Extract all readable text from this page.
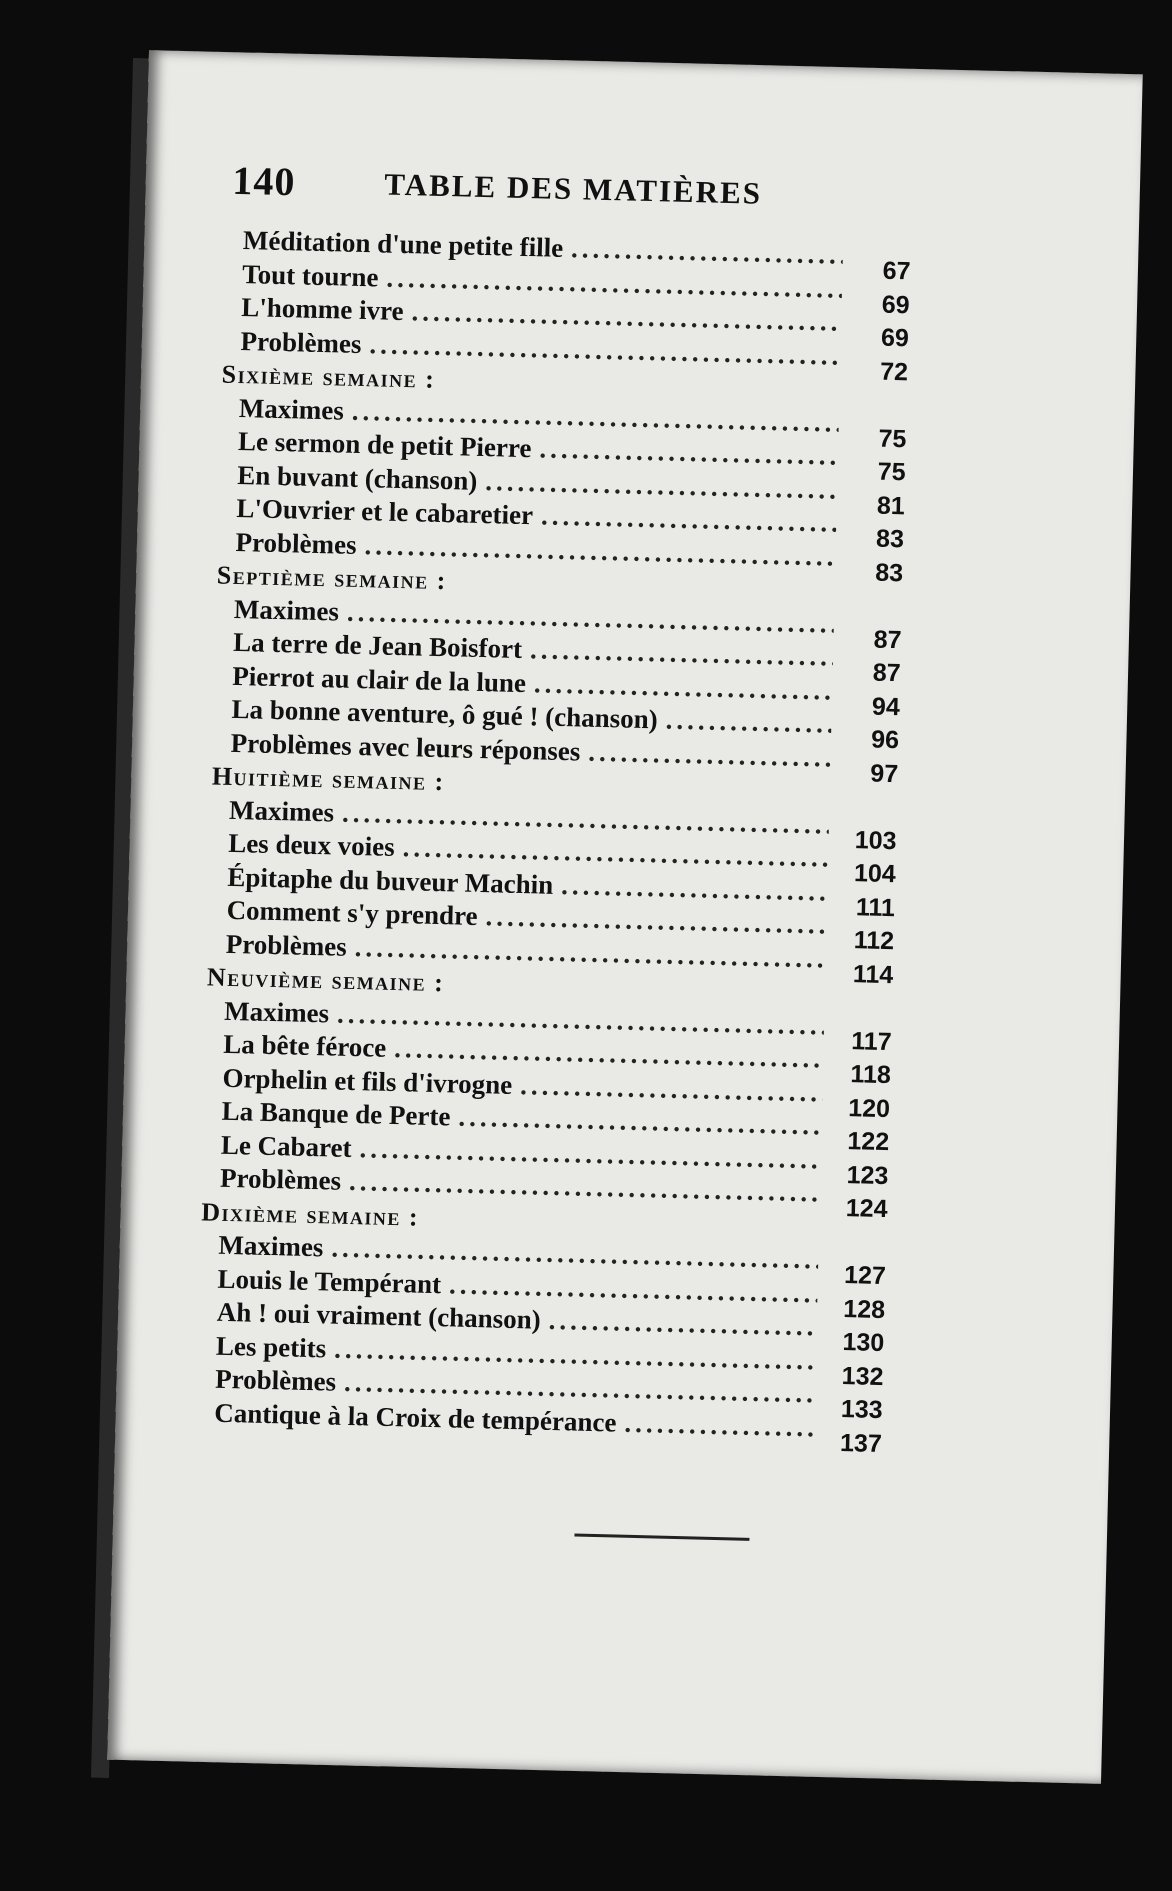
140	TABLE DES MATIÈRES
Méditation d'une petite fille
.....
67
Tout tourne
.....
69
L'homme ivre
.....
69
Problèmes
.....
72
Sixième semaine :
Maximes
.....
75
Le sermon de petit Pierre
.....
75
En buvant (chanson)
.....
81
L'Ouvrier et le cabaretier
.....
83
Problèmes
.....
83
Septième semaine :
Maximes
.....
87
La terre de Jean Boisfort
.....
87
Pierrot au clair de la lune
.....
94
La bonne aventure, ô gué ! (chanson)
.....
96
Problèmes avec leurs réponses
.....
97
Huitième semaine :
Maximes
.....
103
Les deux voies
.....
104
Épitaphe du buveur Machin
.....
111
Comment s'y prendre
.....
112
Problèmes
.....
114
Neuvième semaine :
Maximes
.....
117
La bête féroce
.....
118
Orphelin et fils d'ivrogne
.....
120
La Banque de Perte
.....
122
Le Cabaret
.....
123
Problèmes
.....
124
Dixième semaine :
Maximes
.....
127
Louis le Tempérant
.....
128
Ah ! oui vraiment (chanson)
.....
130
Les petits
.....
132
Problèmes
.....
133
Cantique à la Croix de tempérance
.....
137
